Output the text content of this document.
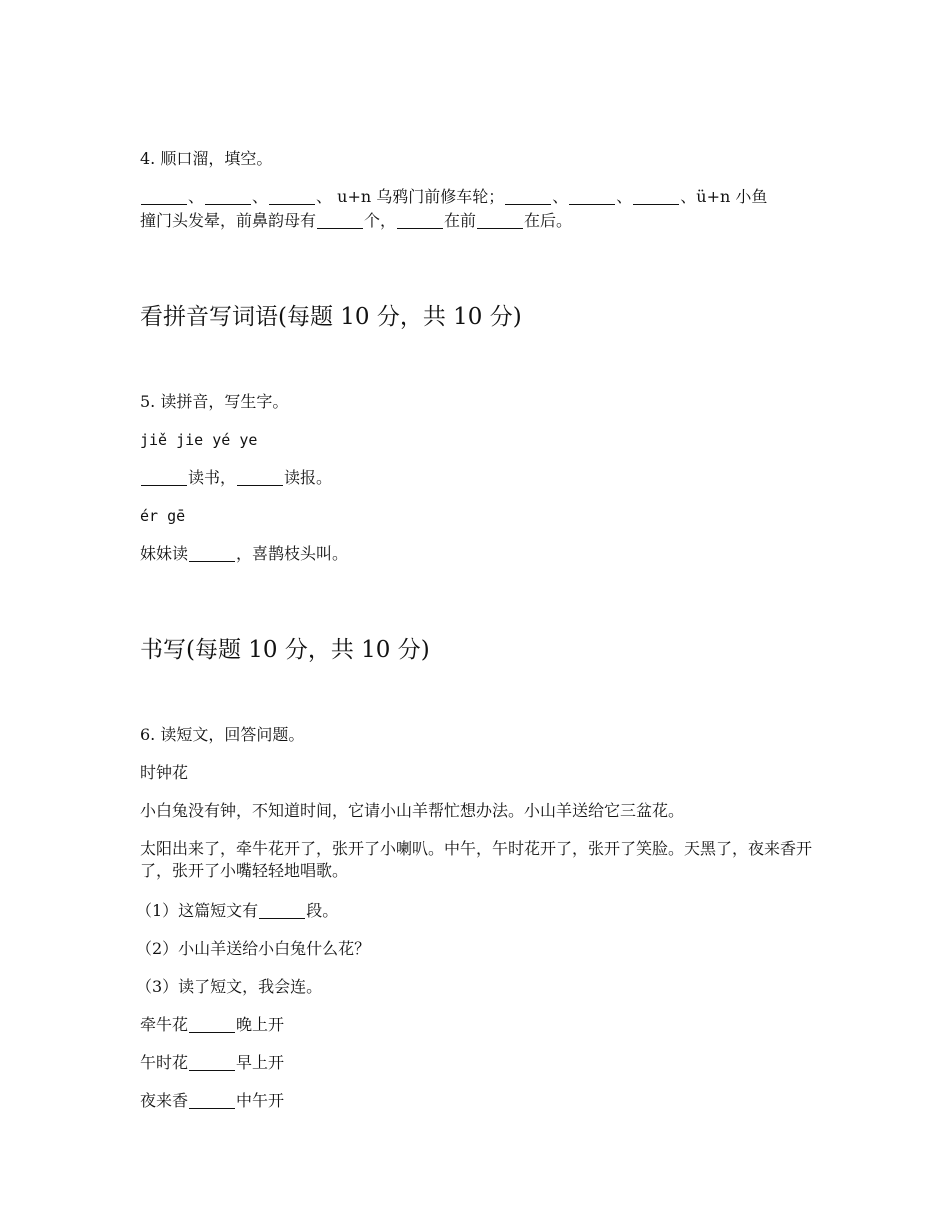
4. 顺口溜，填空。
、	、	、 u+n 乌鸦门前修车轮；	、	、	、ü+n 小鱼
撞门头发晕，前鼻韵母有	个，	在前	在后。
看拼音写词语(每题 10 分，共 10 分)
5. 读拼音，写生字。
jiě jie yé ye
读书，	读报。
ér gē
妹妹读	，喜鹊枝头叫。
书写(每题 10 分，共 10 分)
6. 读短文，回答问题。
时钟花
小白兔没有钟，不知道时间，它请小山羊帮忙想办法。小山羊送给它三盆花。
太阳出来了，牵牛花开了，张开了小喇叭。中午，午时花开了，张开了笑脸。天黑了，夜来香开了，张开了小嘴轻轻地唱歌。
（1）这篇短文有	段。
（2）小山羊送给小白兔什么花？
（3）读了短文，我会连。
牵牛花	晚上开
午时花	早上开
夜来香	中午开
